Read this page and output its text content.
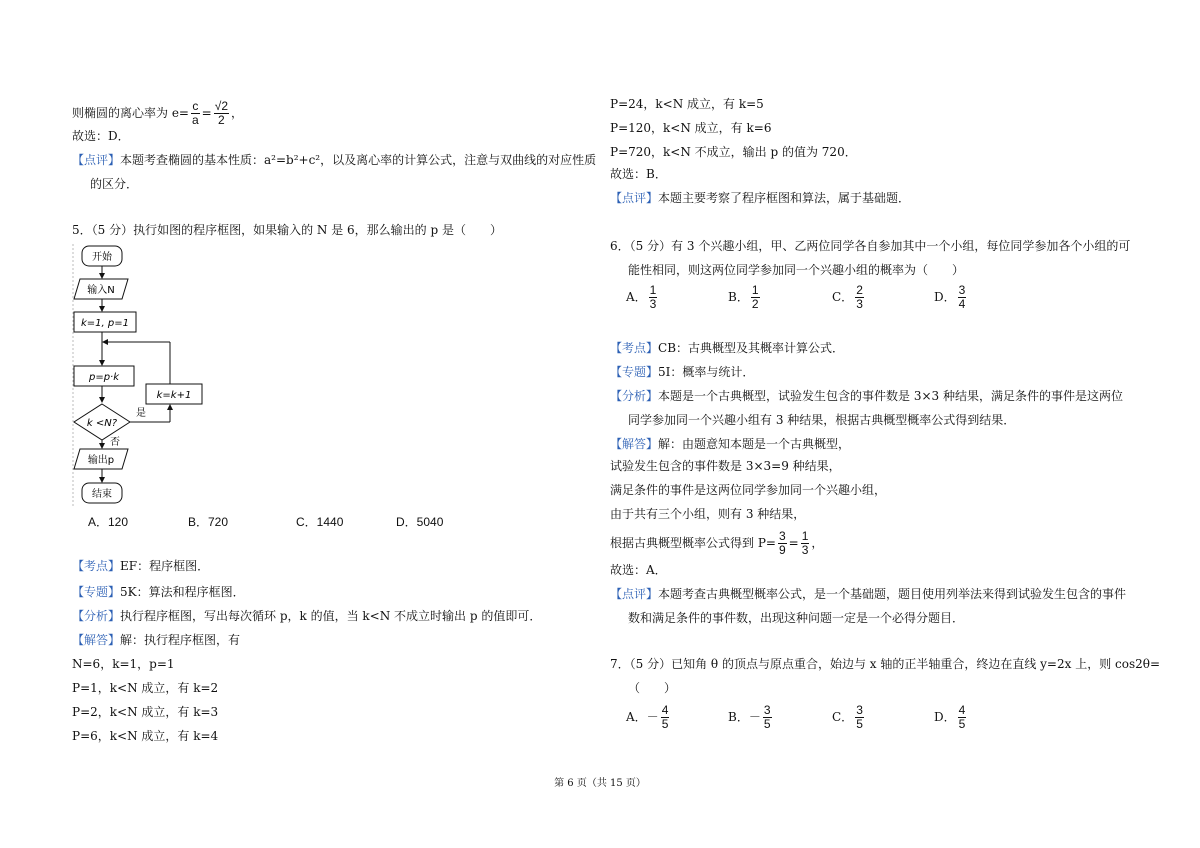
则椭圆的离心率为 $e= \frac{c}{a} = \frac{√2}{2}$ ，
故选：D．
【点评】本题考查椭圆的基本性质：a²=b²+c²，以及离心率的计算公式，注意与双曲线的对应性质
的区分．
5．（5 分）执行如图的程序框图，如果输入的 N 是 6，那么输出的 p 是（　　）
开始
输入N
k=1, p=1
p=p·k
k <N?
是
k=k+1
否
输出p
结束
A．120	B．720	C．1440	D．5040
【考点】EF：程序框图．
【专题】5K：算法和程序框图．
【分析】执行程序框图，写出每次循环 p，k 的值，当 k<N 不成立时输出 p 的值即可．
【解答】解：执行程序框图，有
N=6，k=1，p=1
P=1，k<N 成立，有 k=2
P=2，k<N 成立，有 k=3
P=6，k<N 成立，有 k=4
P=24，k<N 成立，有 k=5
P=120，k<N 成立，有 k=6
P=720，k<N 不成立，输出 p 的值为 720．
故选：B．
【点评】本题主要考察了程序框图和算法，属于基础题．
6．（5 分）有 3 个兴趣小组，甲、乙两位同学各自参加其中一个小组，每位同学参加各个小组的可
能性相同，则这两位同学参加同一个兴趣小组的概率为（　　）
A． $\frac{1}{3}$	B． $\frac{1}{2}$	C． $\frac{2}{3}$	D． $\frac{3}{4}$
【考点】CB：古典概型及其概率计算公式．
【专题】5I：概率与统计．
【分析】本题是一个古典概型，试验发生包含的事件数是 3×3 种结果，满足条件的事件是这两位
同学参加同一个兴趣小组有 3 种结果，根据古典概型概率公式得到结果．
【解答】解：由题意知本题是一个古典概型，
试验发生包含的事件数是 3×3=9 种结果，
满足条件的事件是这两位同学参加同一个兴趣小组，
由于共有三个小组，则有 3 种结果，
根据古典概型概率公式得到 $P= \frac{3}{9} = \frac{1}{3}$ ，
故选：A．
【点评】本题考查古典概型概率公式，是一个基础题，题目使用列举法来得到试验发生包含的事件
数和满足条件的事件数，出现这种问题一定是一个必得分题目．
7．（5 分）已知角 θ 的顶点与原点重合，始边与 x 轴的正半轴重合，终边在直线 y=2x 上，则 cos2θ=
（　　）
A．－ $\frac{4}{5}$	B．－ $\frac{3}{5}$	C． $\frac{3}{5}$	D． $\frac{4}{5}$
第 6 页（共 15 页）
